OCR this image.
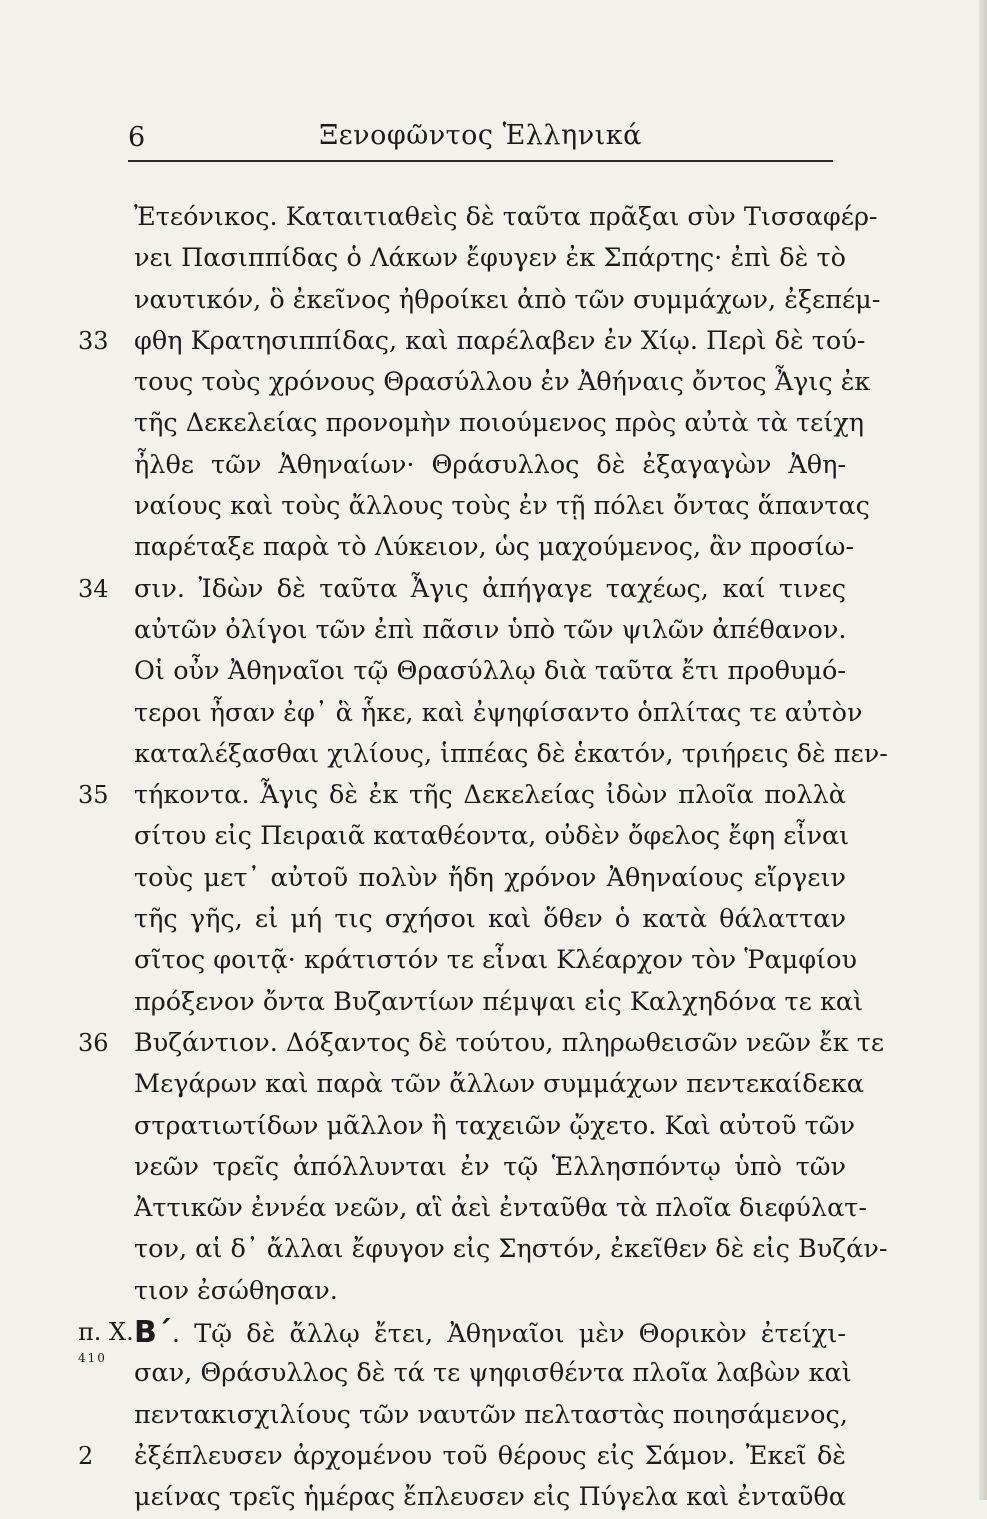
6	Ξενοφῶντος Ἑλληνικά
Ἐτεόνικος. Καταιτιαθεὶς δὲ ταῦτα πρᾶξαι σὺν Τισσαφέρ-
νει Πασιππίδας ὁ Λάκων ἔφυγεν ἐκ Σπάρτης· ἐπὶ δὲ τὸ
ναυτικόν, ὃ ἐκεῖνος ἠθροίκει ἀπὸ τῶν συμμάχων, ἐξεπέμ-
33 φθη Κρατησιππίδας, καὶ παρέλαβεν ἐν Χίῳ. Περὶ δὲ τού-
τους τοὺς χρόνους Θρασύλλου ἐν Ἀθήναις ὄντος Ἆγις ἐκ
τῆς Δεκελείας προνομὴν ποιούμενος πρὸς αὐτὰ τὰ τείχη
ἦλθε τῶν Ἀθηναίων· Θράσυλλος δὲ ἐξαγαγὼν Ἀθη-
ναίους καὶ τοὺς ἄλλους τοὺς ἐν τῇ πόλει ὄντας ἅπαντας
παρέταξε παρὰ τὸ Λύκειον, ὡς μαχούμενος, ἂν προσίω-
34 σιν. Ἰδὼν δὲ ταῦτα Ἆγις ἀπήγαγε ταχέως, καί τινες
αὐτῶν ὀλίγοι τῶν ἐπὶ πᾶσιν ὑπὸ τῶν ψιλῶν ἀπέθανον.
Οἱ οὖν Ἀθηναῖοι τῷ Θρασύλλῳ διὰ ταῦτα ἔτι προθυμό-
τεροι ἦσαν ἐφ᾽ ἃ ἧκε, καὶ ἐψηφίσαντο ὁπλίτας τε αὐτὸν
καταλέξασθαι χιλίους, ἱππέας δὲ ἑκατόν, τριήρεις δὲ πεν-
35 τήκοντα. Ἆγις δὲ ἐκ τῆς Δεκελείας ἰδὼν πλοῖα πολλὰ
σίτου εἰς Πειραιᾶ καταθέοντα, οὐδὲν ὄφελος ἔφη εἶναι
τοὺς μετ᾽ αὐτοῦ πολὺν ἤδη χρόνον Ἀθηναίους εἴργειν
τῆς γῆς, εἰ μή τις σχήσοι καὶ ὅθεν ὁ κατὰ θάλατταν
σῖτος φοιτᾷ· κράτιστόν τε εἶναι Κλέαρχον τὸν Ῥαμφίου
πρόξενον ὄντα Βυζαντίων πέμψαι εἰς Καλχηδόνα τε καὶ
36 Βυζάντιον. Δόξαντος δὲ τούτου, πληρωθεισῶν νεῶν ἔκ τε
Μεγάρων καὶ παρὰ τῶν ἄλλων συμμάχων πεντεκαίδεκα
στρατιωτίδων μᾶλλον ἢ ταχειῶν ᾤχετο. Καὶ αὐτοῦ τῶν
νεῶν τρεῖς ἀπόλλυνται ἐν τῷ Ἑλλησπόντῳ ὑπὸ τῶν
Ἀττικῶν ἐννέα νεῶν, αἳ ἀεὶ ἐνταῦθα τὰ πλοῖα διεφύλατ-
τον, αἱ δ᾽ ἄλλαι ἔφυγον εἰς Σηστόν, ἐκεῖθεν δὲ εἰς Βυζάν-
τιον ἐσώθησαν.
π. Χ.
410
Β´. Τῷ δὲ ἄλλῳ ἔτει, Ἀθηναῖοι μὲν Θορικὸν ἐτείχι-
σαν, Θράσυλλος δὲ τά τε ψηφισθέντα πλοῖα λαβὼν καὶ
πεντακισχιλίους τῶν ναυτῶν πελταστὰς ποιησάμενος,
2	ἐξέπλευσεν ἀρχομένου τοῦ θέρους εἰς Σάμον. Ἐκεῖ δὲ
μείνας τρεῖς ἡμέρας ἔπλευσεν εἰς Πύγελα καὶ ἐνταῦθα
